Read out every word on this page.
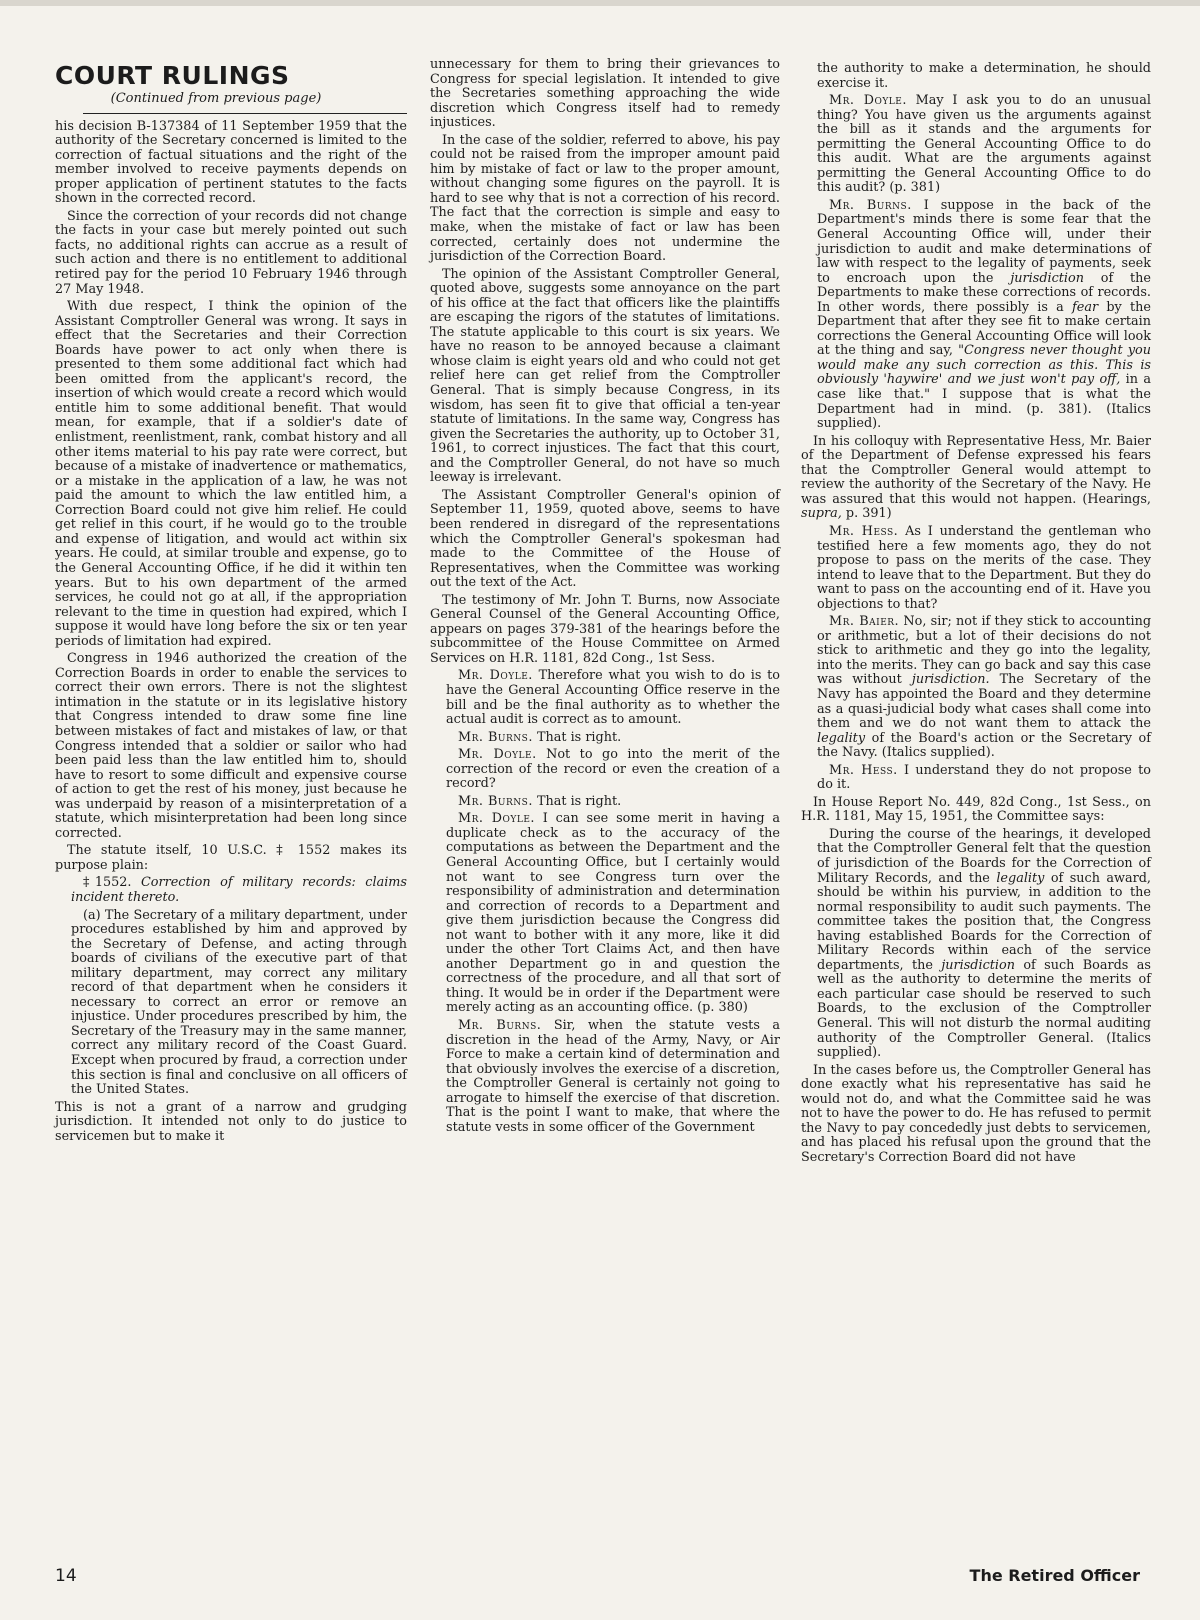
COURT RULINGS
(Continued from previous page)

his decision B-137384 of 11 September 1959 that the authority of the Secretary concerned is limited to the correction of factual situations and the right of the member involved to receive payments depends on proper application of pertinent statutes to the facts shown in the corrected record.

Since the correction of your records did not change the facts in your case but merely pointed out such facts, no additional rights can accrue as a result of such action and there is no entitlement to additional retired pay for the period 10 February 1946 through 27 May 1948.

With due respect, I think the opinion of the Assistant Comptroller General was wrong. It says in effect that the Secretaries and their Correction Boards have power to act only when there is presented to them some additional fact which had been omitted from the applicant's record, the insertion of which would create a record which would entitle him to some additional benefit. That would mean, for example, that if a soldier's date of enlistment, reenlistment, rank, combat history and all other items material to his pay rate were correct, but because of a mistake of inadvertence or mathematics, or a mistake in the application of a law, he was not paid the amount to which the law entitled him, a Correction Board could not give him relief. He could get relief in this court, if he would go to the trouble and expense of litigation, and would act within six years. He could, at similar trouble and expense, go to the General Accounting Office, if he did it within ten years. But to his own department of the armed services, he could not go at all, if the appropriation relevant to the time in question had expired, which I suppose it would have long before the six or ten year periods of limitation had expired.

Congress in 1946 authorized the creation of the Correction Boards in order to enable the services to correct their own errors. There is not the slightest intimation in the statute or in its legislative history that Congress intended to draw some fine line between mistakes of fact and mistakes of law, or that Congress intended that a soldier or sailor who had been paid less than the law entitled him to, should have to resort to some difficult and expensive course of action to get the rest of his money, just because he was underpaid by reason of a misinterpretation of a statute, which misinterpretation had been long since corrected.

The statute itself, 10 U.S.C. ‡ 1552 makes its purpose plain:

‡1552. Correction of military records: claims incident thereto.

(a) The Secretary of a military department, under procedures established by him and approved by the Secretary of Defense, and acting through boards of civilians of the executive part of that military department, may correct any military record of that department when he considers it necessary to correct an error or remove an injustice. Under procedures prescribed by him, the Secretary of the Treasury may in the same manner, correct any military record of the Coast Guard. Except when procured by fraud, a correction under this section is final and conclusive on all officers of the United States.

This is not a grant of a narrow and grudging jurisdiction. It intended not only to do justice to servicemen but to make it

unnecessary for them to bring their grievances to Congress for special legislation. It intended to give the Secretaries something approaching the wide discretion which Congress itself had to remedy injustices.

In the case of the soldier, referred to above, his pay could not be raised from the improper amount paid him by mistake of fact or law to the proper amount, without changing some figures on the payroll. It is hard to see why that is not a correction of his record. The fact that the correction is simple and easy to make, when the mistake of fact or law has been corrected, certainly does not undermine the jurisdiction of the Correction Board.

The opinion of the Assistant Comptroller General, quoted above, suggests some annoyance on the part of his office at the fact that officers like the plaintiffs are escaping the rigors of the statutes of limitations. The statute applicable to this court is six years. We have no reason to be annoyed because a claimant whose claim is eight years old and who could not get relief here can get relief from the Comptroller General. That is simply because Congress, in its wisdom, has seen fit to give that official a ten-year statute of limitations. In the same way, Congress has given the Secretaries the authority, up to October 31, 1961, to correct injustices. The fact that this court, and the Comptroller General, do not have so much leeway is irrelevant.

The Assistant Comptroller General's opinion of September 11, 1959, quoted above, seems to have been rendered in disregard of the representations which the Comptroller General's spokesman had made to the Committee of the House of Representatives, when the Committee was working out the text of the Act.

The testimony of Mr. John T. Burns, now Associate General Counsel of the General Accounting Office, appears on pages 379-381 of the hearings before the subcommittee of the House Committee on Armed Services on H.R. 1181, 82d Cong., 1st Sess.

Mr. Doyle. Therefore what you wish to do is to have the General Accounting Office reserve in the bill and be the final authority as to whether the actual audit is correct as to amount.

Mr. Burns. That is right.

Mr. Doyle. Not to go into the merit of the correction of the record or even the creation of a record?

Mr. Burns. That is right.

Mr. Doyle. I can see some merit in having a duplicate check as to the accuracy of the computations as between the Department and the General Accounting Office, but I certainly would not want to see Congress turn over the responsibility of administration and determination and correction of records to a Department and give them jurisdiction because the Congress did not want to bother with it any more, like it did under the other Tort Claims Act, and then have another Department go in and question the correctness of the procedure, and all that sort of thing. It would be in order if the Department were merely acting as an accounting office. (p. 380)

Mr. Burns. Sir, when the statute vests a discretion in the head of the Army, Navy, or Air Force to make a certain kind of determination and that obviously involves the exercise of a discretion, the Comptroller General is certainly not going to arrogate to himself the exercise of that discretion. That is the point I want to make, that where the statute vests in some officer of the Government

the authority to make a determination, he should exercise it.

Mr. Doyle. May I ask you to do an unusual thing? You have given us the arguments against the bill as it stands and the arguments for permitting the General Accounting Office to do this audit. What are the arguments against permitting the General Accounting Office to do this audit? (p. 381)

Mr. Burns. I suppose in the back of the Department's minds there is some fear that the General Accounting Office will, under their jurisdiction to audit and make determinations of law with respect to the legality of payments, seek to encroach upon the jurisdiction of the Departments to make these corrections of records. In other words, there possibly is a fear by the Department that after they see fit to make certain corrections the General Accounting Office will look at the thing and say, "Congress never thought you would make any such correction as this. This is obviously 'haywire' and we just won't pay off, in a case like that." I suppose that is what the Department had in mind. (p. 381). (Italics supplied).

In his colloquy with Representative Hess, Mr. Baier of the Department of Defense expressed his fears that the Comptroller General would attempt to review the authority of the Secretary of the Navy. He was assured that this would not happen. (Hearings, supra, p. 391)

Mr. Hess. As I understand the gentleman who testified here a few moments ago, they do not propose to pass on the merits of the case. They intend to leave that to the Department. But they do want to pass on the accounting end of it. Have you objections to that?

Mr. Baier. No, sir; not if they stick to accounting or arithmetic, but a lot of their decisions do not stick to arithmetic and they go into the legality, into the merits. They can go back and say this case was without jurisdiction. The Secretary of the Navy has appointed the Board and they determine as a quasi-judicial body what cases shall come into them and we do not want them to attack the legality of the Board's action or the Secretary of the Navy. (Italics supplied).

Mr. Hess. I understand they do not propose to do it.

In House Report No. 449, 82d Cong., 1st Sess., on H.R. 1181, May 15, 1951, the Committee says:

During the course of the hearings, it developed that the Comptroller General felt that the question of jurisdiction of the Boards for the Correction of Military Records, and the legality of such award, should be within his purview, in addition to the normal responsibility to audit such payments. The committee takes the position that, the Congress having established Boards for the Correction of Military Records within each of the service departments, the jurisdiction of such Boards as well as the authority to determine the merits of each particular case should be reserved to such Boards, to the exclusion of the Comptroller General. This will not disturb the normal auditing authority of the Comptroller General. (Italics supplied).

In the cases before us, the Comptroller General has done exactly what his representative has said he would not do, and what the Committee said he was not to have the power to do. He has refused to permit the Navy to pay concededly just debts to servicemen, and has placed his refusal upon the ground that the Secretary's Correction Board did not have

14	The Retired Officer
